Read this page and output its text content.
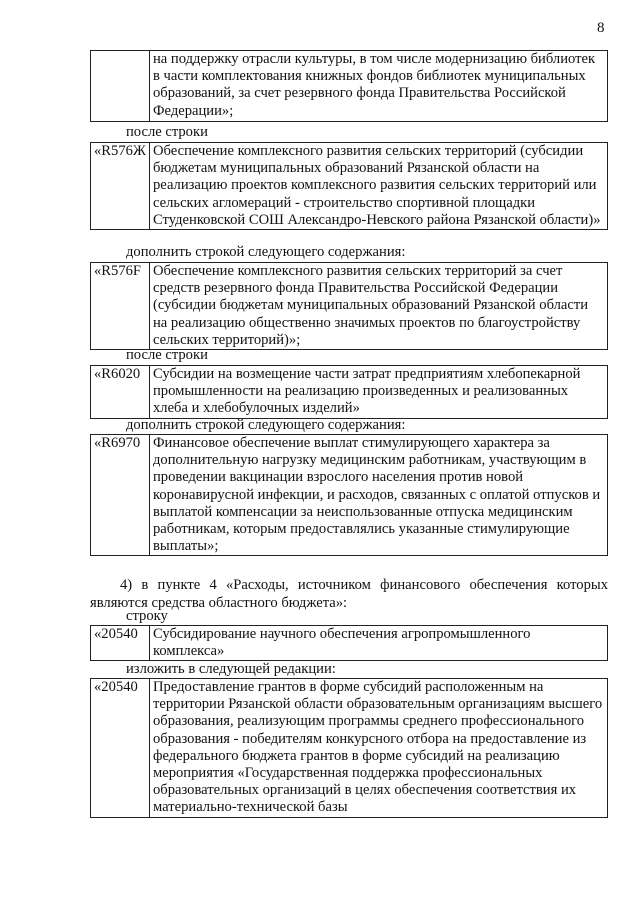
8
	на поддержку отрасли культуры, в том числе модернизацию библиотек в части комплектования книжных фондов библиотек муниципальных образований, за счет резервного фонда Правительства Российской Федерации»;
после строки
«R576Ж	Обеспечение комплексного развития сельских территорий (субсидии бюджетам муниципальных образований Рязанской области на реализацию проектов комплексного развития сельских территорий или сельских агломераций - строительство спортивной площадки Студенковской СОШ Александро-Невского района Рязанской области)»
дополнить строкой следующего содержания:
«R576F	Обеспечение комплексного развития сельских территорий за счет средств резервного фонда Правительства Российской Федерации (субсидии бюджетам муниципальных образований Рязанской области на реализацию общественно значимых проектов по благоустройству сельских территорий)»;
после строки
«R6020	Субсидии на возмещение части затрат предприятиям хлебопекарной промышленности на реализацию произведенных и реализованных хлеба и хлебобулочных изделий»
дополнить строкой следующего содержания:
«R6970	Финансовое обеспечение выплат стимулирующего характера за дополнительную нагрузку медицинским работникам, участвующим в проведении вакцинации взрослого населения против новой коронавирусной инфекции, и расходов, связанных с оплатой отпусков и выплатой компенсации за неиспользованные отпуска медицинским работникам, которым предоставлялись указанные стимулирующие выплаты»;
4) в пункте 4 «Расходы, источником финансового обеспечения которых являются средства областного бюджета»:
строку
«20540	Субсидирование научного обеспечения агропромышленного комплекса»
изложить в следующей редакции:
«20540	Предоставление грантов в форме субсидий расположенным на территории Рязанской области образовательным организациям высшего образования, реализующим программы среднего профессионального образования - победителям конкурсного отбора на предоставление из федерального бюджета грантов в форме субсидий на реализацию мероприятия «Государственная поддержка профессиональных образовательных организаций в целях обеспечения соответствия их материально-технической базы
